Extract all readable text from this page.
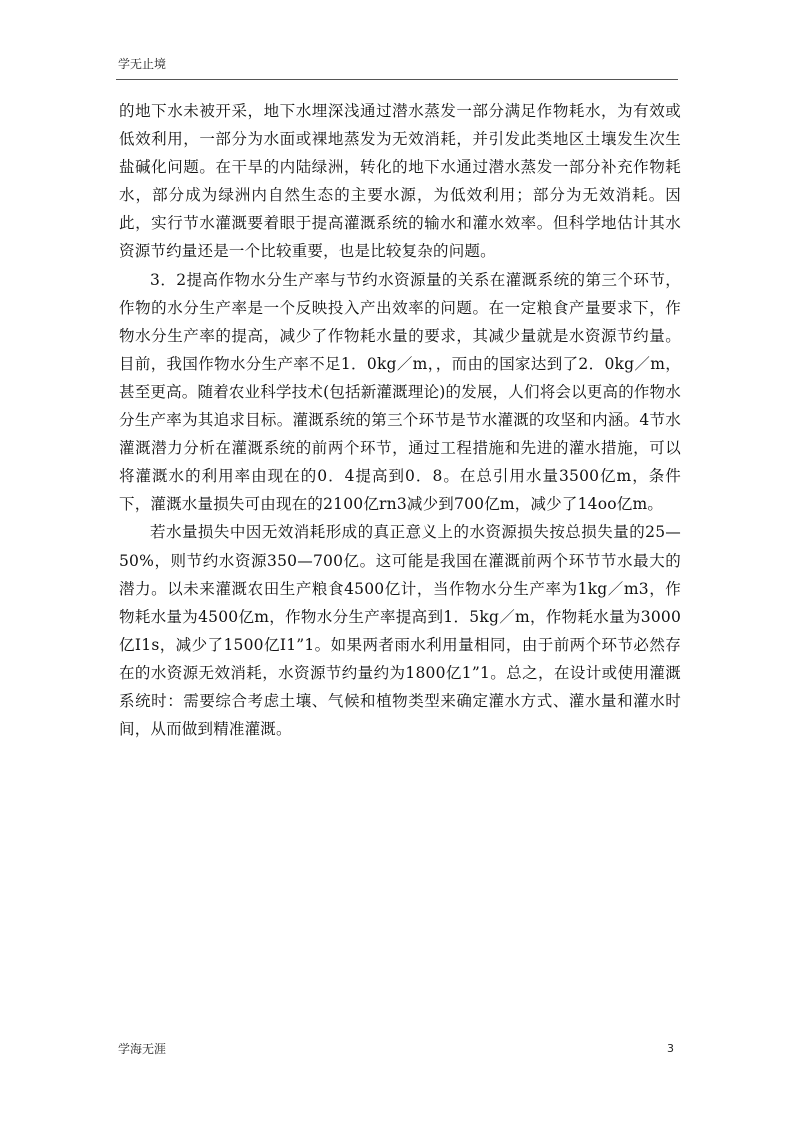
学无止境

的地下水未被开采，地下水埋深浅通过潜水蒸发一部分满足作物耗水，为有效或低效利用，一部分为水面或裸地蒸发为无效消耗，并引发此类地区土壤发生次生盐碱化问题。在干旱的内陆绿洲，转化的地下水通过潜水蒸发一部分补充作物耗水，部分成为绿洲内自然生态的主要水源，为低效利用；部分为无效消耗。因此，实行节水灌溉要着眼于提高灌溉系统的输水和灌水效率。但科学地估计其水资源节约量还是一个比较重要，也是比较复杂的问题。

3．2提高作物水分生产率与节约水资源量的关系在灌溉系统的第三个环节，作物的水分生产率是一个反映投入产出效率的问题。在一定粮食产量要求下，作物水分生产率的提高，减少了作物耗水量的要求，其减少量就是水资源节约量。目前，我国作物水分生产率不足1．0kg／m，，而由的国家达到了2．0kg／m，甚至更高。随着农业科学技术(包括新灌溉理论)的发展，人们将会以更高的作物水分生产率为其追求目标。灌溉系统的第三个环节是节水灌溉的攻坚和内涵。4节水灌溉潜力分析在灌溉系统的前两个环节，通过工程措施和先进的灌水措施，可以将灌溉水的利用率由现在的0．4提高到0．8。在总引用水量3500亿m，条件下，灌溉水量损失可由现在的2100亿rn3减少到700亿m，减少了14oo亿m。

若水量损失中因无效消耗形成的真正意义上的水资源损失按总损失量的25—50%，则节约水资源350—700亿。这可能是我国在灌溉前两个环节节水最大的潜力。以未来灌溉农田生产粮食4500亿计，当作物水分生产率为1kg／m3，作物耗水量为4500亿m，作物水分生产率提高到1．5kg／m，作物耗水量为3000亿I1s，减少了1500亿I1”1。如果两者雨水利用量相同，由于前两个环节必然存在的水资源无效消耗，水资源节约量约为1800亿1”1。总之，在设计或使用灌溉系统时：需要综合考虑土壤、气候和植物类型来确定灌水方式、灌水量和灌水时间，从而做到精准灌溉。

学海无涯	3
